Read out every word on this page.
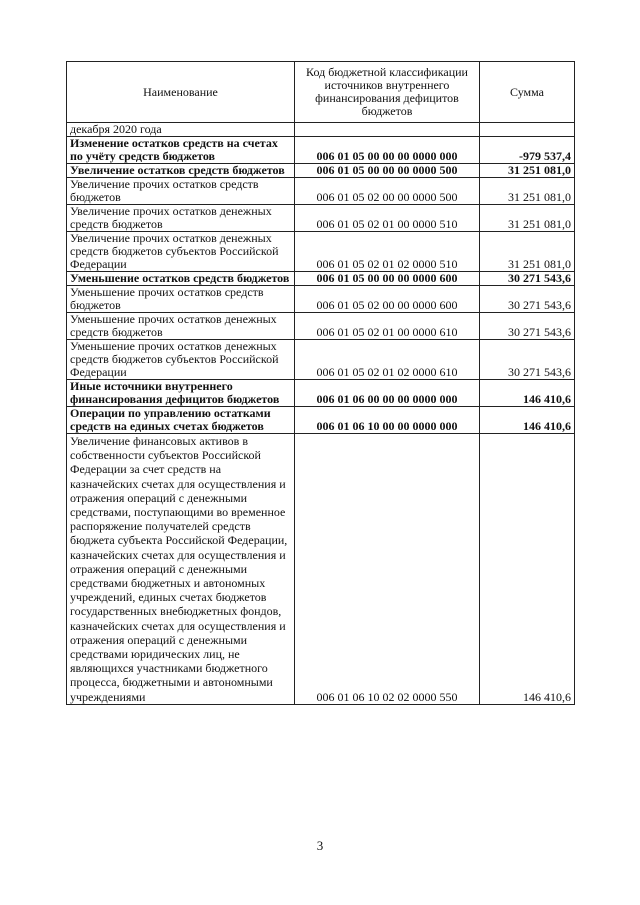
Наименование	Код бюджетной классификации источников внутреннего финансирования дефицитов бюджетов	Сумма
декабря 2020 года		
Изменение остатков средств на счетах по учёту средств бюджетов	006 01 05 00 00 00 0000 000	-979 537,4
Увеличение остатков средств бюджетов	006 01 05 00 00 00 0000 500	31 251 081,0
Увеличение прочих остатков средств бюджетов	006 01 05 02 00 00 0000 500	31 251 081,0
Увеличение прочих остатков денежных средств бюджетов	006 01 05 02 01 00 0000 510	31 251 081,0
Увеличение прочих остатков денежных средств бюджетов субъектов Российской Федерации	006 01 05 02 01 02 0000 510	31 251 081,0
Уменьшение остатков средств бюджетов	006 01 05 00 00 00 0000 600	30 271 543,6
Уменьшение прочих остатков средств бюджетов	006 01 05 02 00 00 0000 600	30 271 543,6
Уменьшение прочих остатков денежных средств бюджетов	006 01 05 02 01 00 0000 610	30 271 543,6
Уменьшение прочих остатков денежных средств бюджетов субъектов Российской Федерации	006 01 05 02 01 02 0000 610	30 271 543,6
Иные источники внутреннего финансирования дефицитов бюджетов	006 01 06 00 00 00 0000 000	146 410,6
Операции по управлению остатками средств на единых счетах бюджетов	006 01 06 10 00 00 0000 000	146 410,6
Увеличение финансовых активов в собственности субъектов Российской Федерации за счет средств на казначейских счетах для осуществления и отражения операций с денежными средствами, поступающими во временное распоряжение получателей средств бюджета субъекта Российской Федерации, казначейских счетах для осуществления и отражения операций с денежными средствами бюджетных и автономных учреждений, единых счетах бюджетов государственных внебюджетных фондов, казначейских счетах для осуществления и отражения операций с денежными средствами юридических лиц, не являющихся участниками бюджетного процесса, бюджетными и автономными учреждениями	006 01 06 10 02 02 0000 550	146 410,6
3
